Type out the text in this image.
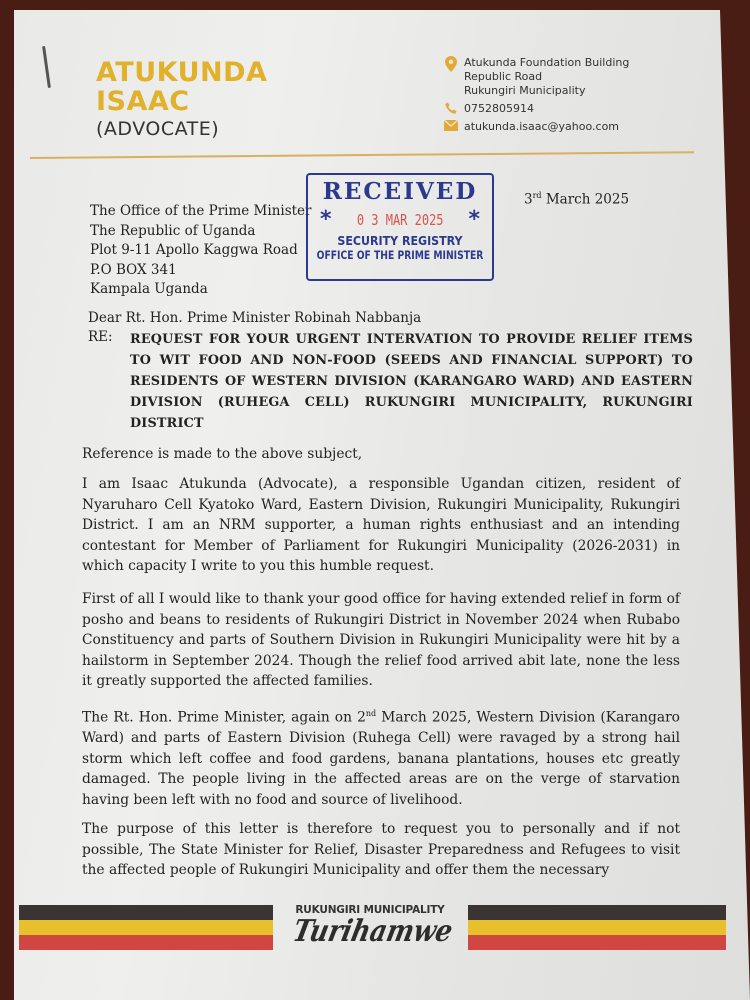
ATUKUNDA
ISAAC
(ADVOCATE)
Atukunda Foundation Building
Republic Road
Rukungiri Municipality
0752805914
atukunda.isaac@yahoo.com
The Office of the Prime Minister
The Republic of Uganda
Plot 9-11 Apollo Kaggwa Road
P.O BOX 341
Kampala Uganda
RECEIVED
* 0 3 MAR 2025 *
SECURITY REGISTRY
OFFICE OF THE PRIME MINISTER
3rd March 2025
Dear Rt. Hon. Prime Minister Robinah Nabbanja
RE:	REQUEST FOR YOUR URGENT INTERVATION TO PROVIDE RELIEF ITEMS TO WIT FOOD AND NON-FOOD (SEEDS AND FINANCIAL SUPPORT) TO RESIDENTS OF WESTERN DIVISION (KARANGARO WARD) AND EASTERN DIVISION (RUHEGA CELL) RUKUNGIRI MUNICIPALITY, RUKUNGIRI DISTRICT
Reference is made to the above subject,
I am Isaac Atukunda (Advocate), a responsible Ugandan citizen, resident of Nyaruharo Cell Kyatoko Ward, Eastern Division, Rukungiri Municipality, Rukungiri District. I am an NRM supporter, a human rights enthusiast and an intending contestant for Member of Parliament for Rukungiri Municipality (2026-2031) in which capacity I write to you this humble request.
First of all I would like to thank your good office for having extended relief in form of posho and beans to residents of Rukungiri District in November 2024 when Rubabo Constituency and parts of Southern Division in Rukungiri Municipality were hit by a hailstorm in September 2024. Though the relief food arrived abit late, none the less it greatly supported the affected families.
The Rt. Hon. Prime Minister, again on 2nd March 2025, Western Division (Karangaro Ward) and parts of Eastern Division (Ruhega Cell) were ravaged by a strong hail storm which left coffee and food gardens, banana plantations, houses etc greatly damaged. The people living in the affected areas are on the verge of starvation having been left with no food and source of livelihood.
The purpose of this letter is therefore to request you to personally and if not possible, The State Minister for Relief, Disaster Preparedness and Refugees to visit the affected people of Rukungiri Municipality and offer them the necessary
RUKUNGIRI MUNICIPALITY
Turihamwe
